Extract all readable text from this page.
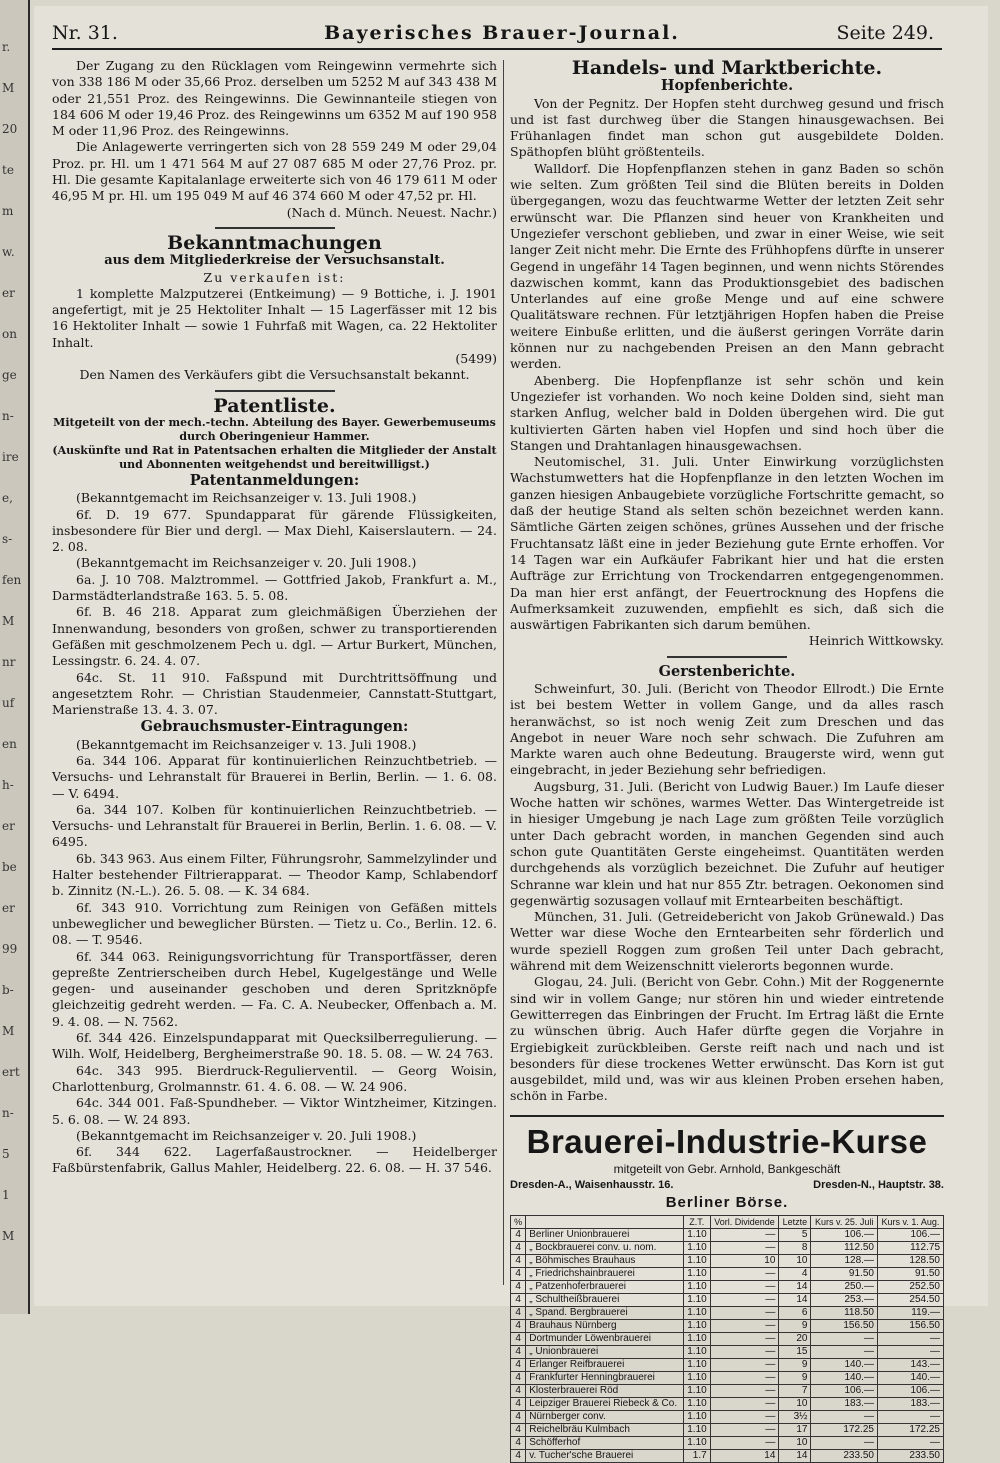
r.
M
20
te
m
w.
er
on
ge
n-
ire
e,
s-
fen
M
nr
uf
en
h-
er
be
er
99
b-
M
ert
n-
5
1
M
Nr. 31.	Bayerisches Brauer-Journal.	Seite 249.

Der Zugang zu den Rücklagen vom Reingewinn vermehrte sich von 338 186 M oder 35,66 Proz. derselben um 5252 M auf 343 438 M oder 21,551 Proz. des Reingewinns. Die Gewinnanteile stiegen von 184 606 M oder 19,46 Proz. des Reingewinns um 6352 M auf 190 958 M oder 11,96 Proz. des Reingewinns.

Die Anlagewerte verringerten sich von 28 559 249 M oder 29,04 Proz. pr. Hl. um 1 471 564 M auf 27 087 685 M oder 27,76 Proz. pr. Hl. Die gesamte Kapitalanlage erweiterte sich von 46 179 611 M oder 46,95 M pr. Hl. um 195 049 M auf 46 374 660 M oder 47,52 pr. Hl.

(Nach d. Münch. Neuest. Nachr.)

Bekanntmachungen
aus dem Mitgliederkreise der Versuchsanstalt.

Zu verkaufen ist:

1 komplette Malzputzerei (Entkeimung) — 9 Bottiche, i. J. 1901 angefertigt, mit je 25 Hektoliter Inhalt — 15 Lagerfässer mit 12 bis 16 Hektoliter Inhalt — sowie 1 Fuhrfaß mit Wagen, ca. 22 Hektoliter Inhalt.

(5499)

Den Namen des Verkäufers gibt die Versuchsanstalt bekannt.

Patentliste.

Mitgeteilt von der mech.-techn. Abteilung des Bayer. Gewerbemuseums durch Oberingenieur Hammer.

(Auskünfte und Rat in Patentsachen erhalten die Mitglieder der Anstalt und Abonnenten weitgehendst und bereitwilligst.)

Patentanmeldungen:

(Bekanntgemacht im Reichsanzeiger v. 13. Juli 1908.)

6f. D. 19 677. Spundapparat für gärende Flüssigkeiten, insbesondere für Bier und dergl. — Max Diehl, Kaiserslautern. — 24. 2. 08.

(Bekanntgemacht im Reichsanzeiger v. 20. Juli 1908.)

6a. J. 10 708. Malztrommel. — Gottfried Jakob, Frankfurt a. M., Darmstädterlandstraße 163. 5. 5. 08.

6f. B. 46 218. Apparat zum gleichmäßigen Überziehen der Innenwandung, besonders von großen, schwer zu transportierenden Gefäßen mit geschmolzenem Pech u. dgl. — Artur Burkert, München, Lessingstr. 6. 24. 4. 07.

64c. St. 11 910. Faßspund mit Durchtrittsöffnung und angesetztem Rohr. — Christian Staudenmeier, Cannstatt-Stuttgart, Marienstraße 13. 4. 3. 07.

Gebrauchsmuster-Eintragungen:

(Bekanntgemacht im Reichsanzeiger v. 13. Juli 1908.)

6a. 344 106. Apparat für kontinuierlichen Reinzuchtbetrieb. — Versuchs- und Lehranstalt für Brauerei in Berlin, Berlin. — 1. 6. 08. — V. 6494.

6a. 344 107. Kolben für kontinuierlichen Reinzuchtbetrieb. — Versuchs- und Lehranstalt für Brauerei in Berlin, Berlin. 1. 6. 08. — V. 6495.

6b. 343 963. Aus einem Filter, Führungsrohr, Sammelzylinder und Halter bestehender Filtrierapparat. — Theodor Kamp, Schlabendorf b. Zinnitz (N.-L.). 26. 5. 08. — K. 34 684.

6f. 343 910. Vorrichtung zum Reinigen von Gefäßen mittels unbeweglicher und beweglicher Bürsten. — Tietz u. Co., Berlin. 12. 6. 08. — T. 9546.

6f. 344 063. Reinigungsvorrichtung für Transportfässer, deren gepreßte Zentrierscheiben durch Hebel, Kugelgestänge und Welle gegen- und auseinander geschoben und deren Spritzknöpfe gleichzeitig gedreht werden. — Fa. C. A. Neubecker, Offenbach a. M. 9. 4. 08. — N. 7562.

6f. 344 426. Einzelspundapparat mit Quecksilberregulierung. — Wilh. Wolf, Heidelberg, Bergheimerstraße 90. 18. 5. 08. — W. 24 763.

64c. 343 995. Bierdruck-Regulierventil. — Georg Woisin, Charlottenburg, Grolmannstr. 61. 4. 6. 08. — W. 24 906.

64c. 344 001. Faß-Spundheber. — Viktor Wintzheimer, Kitzingen. 5. 6. 08. — W. 24 893.

(Bekanntgemacht im Reichsanzeiger v. 20. Juli 1908.)

6f. 344 622. Lagerfaßaustrockner. — Heidelberger Faßbürstenfabrik, Gallus Mahler, Heidelberg. 22. 6. 08. — H. 37 546.

Handels- und Marktberichte.
Hopfenberichte.

Von der Pegnitz. Der Hopfen steht durchweg gesund und frisch und ist fast durchweg über die Stangen hinausgewachsen. Bei Frühanlagen findet man schon gut ausgebildete Dolden. Späthopfen blüht größtenteils.

Walldorf. Die Hopfenpflanzen stehen in ganz Baden so schön wie selten. Zum größten Teil sind die Blüten bereits in Dolden übergegangen, wozu das feuchtwarme Wetter der letzten Zeit sehr erwünscht war. Die Pflanzen sind heuer von Krankheiten und Ungeziefer verschont geblieben, und zwar in einer Weise, wie seit langer Zeit nicht mehr. Die Ernte des Frühhopfens dürfte in unserer Gegend in ungefähr 14 Tagen beginnen, und wenn nichts Störendes dazwischen kommt, kann das Produktionsgebiet des badischen Unterlandes auf eine große Menge und auf eine schwere Qualitätsware rechnen. Für letztjährigen Hopfen haben die Preise weitere Einbuße erlitten, und die äußerst geringen Vorräte darin können nur zu nachgebenden Preisen an den Mann gebracht werden.

Abenberg. Die Hopfenpflanze ist sehr schön und kein Ungeziefer ist vorhanden. Wo noch keine Dolden sind, sieht man starken Anflug, welcher bald in Dolden übergehen wird. Die gut kultivierten Gärten haben viel Hopfen und sind hoch über die Stangen und Drahtanlagen hinausgewachsen.

Neutomischel, 31. Juli. Unter Einwirkung vorzüglichsten Wachstumwetters hat die Hopfenpflanze in den letzten Wochen im ganzen hiesigen Anbaugebiete vorzügliche Fortschritte gemacht, so daß der heutige Stand als selten schön bezeichnet werden kann. Sämtliche Gärten zeigen schönes, grünes Aussehen und der frische Fruchtansatz läßt eine in jeder Beziehung gute Ernte erhoffen. Vor 14 Tagen war ein Aufkäufer Fabrikant hier und hat die ersten Aufträge zur Errichtung von Trockendarren entgegengenommen. Da man hier erst anfängt, der Feuertrocknung des Hopfens die Aufmerksamkeit zuzuwenden, empfiehlt es sich, daß sich die auswärtigen Fabrikanten sich darum bemühen.

Heinrich Wittkowsky.

Gerstenberichte.

Schweinfurt, 30. Juli. (Bericht von Theodor Ellrodt.) Die Ernte ist bei bestem Wetter in vollem Gange, und da alles rasch heranwächst, so ist noch wenig Zeit zum Dreschen und das Angebot in neuer Ware noch sehr schwach. Die Zufuhren am Markte waren auch ohne Bedeutung. Braugerste wird, wenn gut eingebracht, in jeder Beziehung sehr befriedigen.

Augsburg, 31. Juli. (Bericht von Ludwig Bauer.) Im Laufe dieser Woche hatten wir schönes, warmes Wetter. Das Wintergetreide ist in hiesiger Umgebung je nach Lage zum größten Teile vorzüglich unter Dach gebracht worden, in manchen Gegenden sind auch schon gute Quantitäten Gerste eingeheimst. Quantitäten werden durchgehends als vorzüglich bezeichnet. Die Zufuhr auf heutiger Schranne war klein und hat nur 855 Ztr. betragen. Oekonomen sind gegenwärtig sozusagen vollauf mit Erntearbeiten beschäftigt.

München, 31. Juli. (Getreidebericht von Jakob Grünewald.) Das Wetter war diese Woche den Erntearbeiten sehr förderlich und wurde speziell Roggen zum großen Teil unter Dach gebracht, während mit dem Weizenschnitt vielerorts begonnen wurde.

Glogau, 24. Juli. (Bericht von Gebr. Cohn.) Mit der Roggenernte sind wir in vollem Gange; nur stören hin und wieder eintretende Gewitterregen das Einbringen der Frucht. Im Ertrag läßt die Ernte zu wünschen übrig. Auch Hafer dürfte gegen die Vorjahre in Ergiebigkeit zurückbleiben. Gerste reift nach und nach und ist besonders für diese trockenes Wetter erwünscht. Das Korn ist gut ausgebildet, mild und, was wir aus kleinen Proben ersehen haben, schön in Farbe.

Brauerei-Industrie-Kurse
mitgeteilt von Gebr. Arnhold, Bankgeschäft
Dresden-A., Waisenhausstr. 16.	Dresden-N., Hauptstr. 38.
Berliner Börse.
%		Z.T.	Vorl. Dividende	Letzte	Kurs v. 25. Juli	Kurs v. 1. Aug.
4	Berliner Unionbrauerei	1.10	—	5	106.—	106.—
4	„ Bockbrauerei conv. u. nom.	1.10	—	8	112.50	112.75
4	„ Böhmisches Brauhaus	1.10	10	10	128.—	128.50
4	„ Friedrichshainbrauerei	1.10	—	4	91.50	91.50
4	„ Patzenhoferbrauerei	1.10	—	14	250.—	252.50
4	„ Schultheißbrauerei	1.10	—	14	253.—	254.50
4	„ Spand. Bergbrauerei	1.10	—	6	118.50	119.—
4	Brauhaus Nürnberg	1.10	—	9	156.50	156.50
4	Dortmunder Löwenbrauerei	1.10	—	20	—	—
4	„ Unionbrauerei	1.10	—	15	—	—
4	Erlanger Reifbrauerei	1.10	—	9	140.—	143.—
4	Frankfurter Henningbrauerei	1.10	—	9	140.—	140.—
4	Klosterbrauerei Röd	1.10	—	7	106.—	106.—
4	Leipziger Brauerei Riebeck & Co.	1.10	—	10	183.—	183.—
4	Nürnberger conv.	1.10	—	3½	—	—
4	Reichelbräu Kulmbach	1.10	—	17	172.25	172.25
4	Schöfferhof	1.10	—	10	—	—
4	v. Tucher'sche Brauerei	1.7	14	14	233.50	233.50
